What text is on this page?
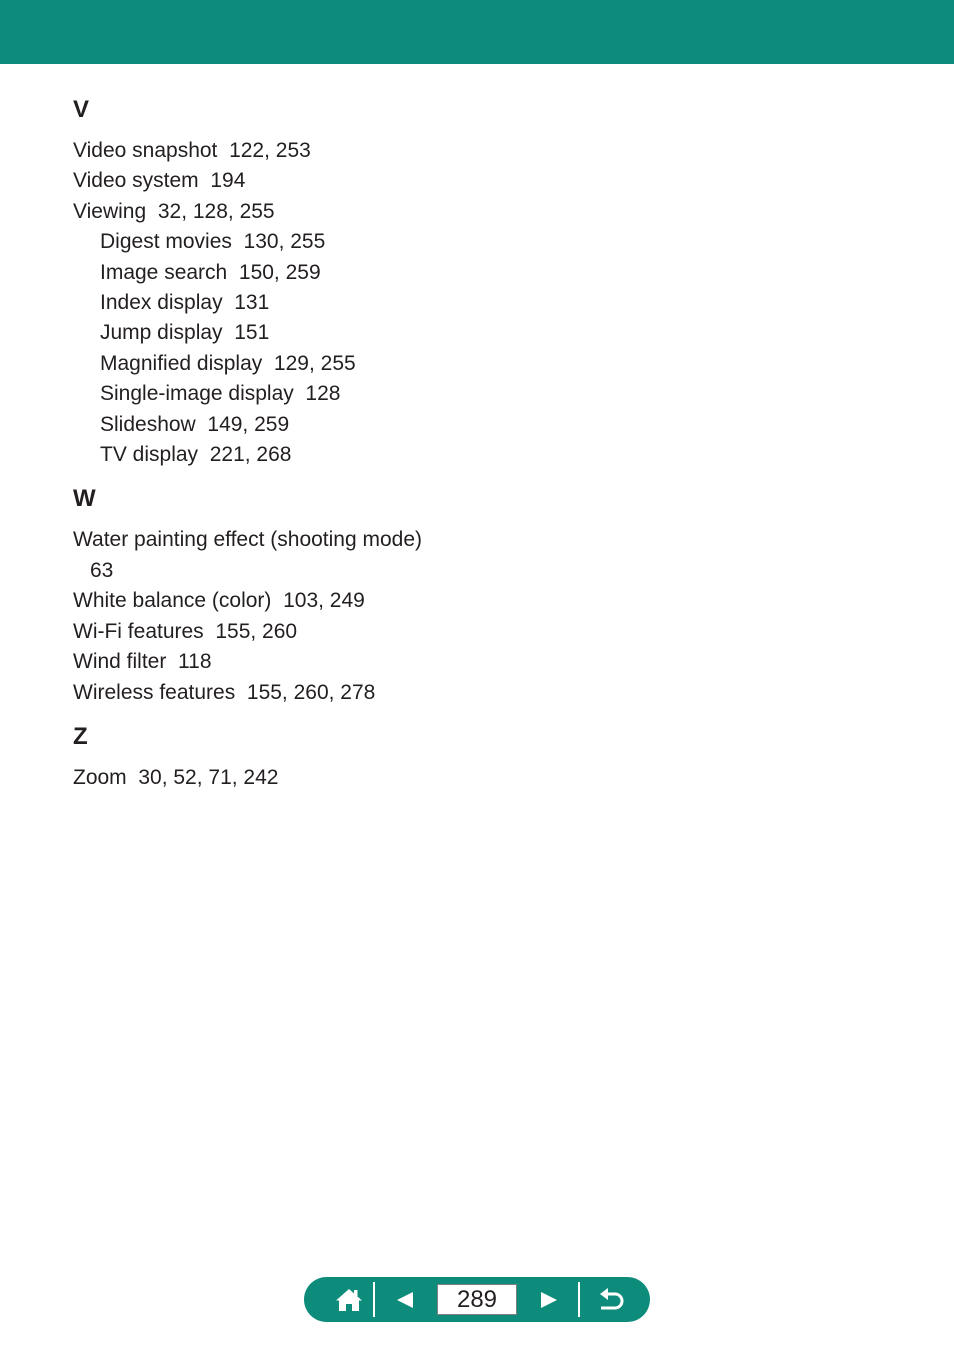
V
Video snapshot  122, 253
Video system  194
Viewing  32, 128, 255
Digest movies  130, 255
Image search  150, 259
Index display  131
Jump display  151
Magnified display  129, 255
Single-image display  128
Slideshow  149, 259
TV display  221, 268
W
Water painting effect (shooting mode)
63
White balance (color)  103, 249
Wi-Fi features  155, 260
Wind filter  118
Wireless features  155, 260, 278
Z
Zoom  30, 52, 71, 242
289
